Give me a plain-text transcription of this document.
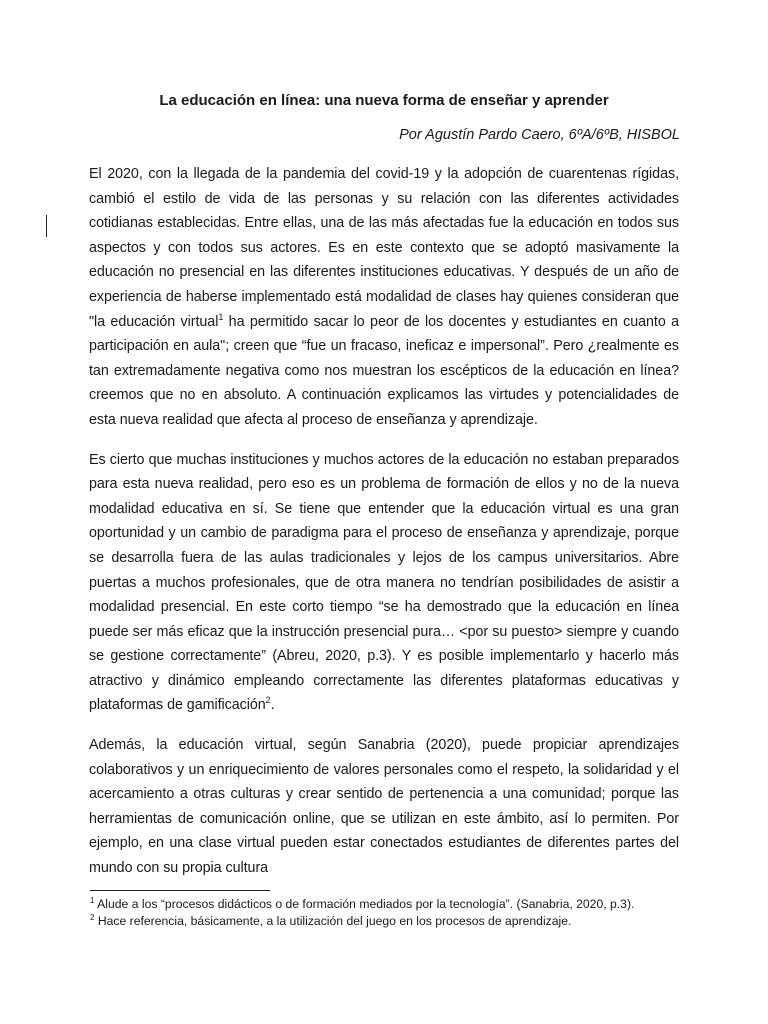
La educación en línea: una nueva forma de enseñar y aprender
Por Agustín Pardo Caero, 6ºA/6ºB, HISBOL

El 2020, con la llegada de la pandemia del covid-19 y la adopción de cuarentenas rígidas, cambió el estilo de vida de las personas y su relación con las diferentes actividades cotidianas establecidas. Entre ellas, una de las más afectadas fue la educación en todos sus aspectos y con todos sus actores. Es en este contexto que se adoptó masivamente la educación no presencial en las diferentes instituciones educativas. Y después de un año de experiencia de haberse implementado está modalidad de clases hay quienes consideran que "la educación virtual$^1$ ha permitido sacar lo peor de los docentes y estudiantes en cuanto a participación en aula"; creen que “fue un fracaso, ineficaz e impersonal”. Pero ¿realmente es tan extremadamente negativa como nos muestran los escépticos de la educación en línea? creemos que no en absoluto. A continuación explicamos las virtudes y potencialidades de esta nueva realidad que afecta al proceso de enseñanza y aprendizaje.

Es cierto que muchas instituciones y muchos actores de la educación no estaban preparados para esta nueva realidad, pero eso es un problema de formación de ellos y no de la nueva modalidad educativa en sí. Se tiene que entender que la educación virtual es una gran oportunidad y un cambio de paradigma para el proceso de enseñanza y aprendizaje, porque se desarrolla fuera de las aulas tradicionales y lejos de los campus universitarios. Abre puertas a muchos profesionales, que de otra manera no tendrían posibilidades de asistir a modalidad presencial. En este corto tiempo “se ha demostrado que la educación en línea puede ser más eficaz que la instrucción presencial pura… <por su puesto> siempre y cuando se gestione correctamente” (Abreu, 2020, p.3). Y es posible implementarlo y hacerlo más atractivo y dinámico empleando correctamente las diferentes plataformas educativas y plataformas de gamificación$^2$.

Además, la educación virtual, según Sanabria (2020), puede propiciar aprendizajes colaborativos y un enriquecimiento de valores personales como el respeto, la solidaridad y el acercamiento a otras culturas y crear sentido de pertenencia a una comunidad; porque las herramientas de comunicación online, que se utilizan en este ámbito, así lo permiten. Por ejemplo, en una clase virtual pueden estar conectados estudiantes de diferentes partes del mundo con su propia cultura

$^1$ Alude a los “procesos didácticos o de formación mediados por la tecnología”. (Sanabria, 2020, p.3).
$^2$ Hace referencia, básicamente, a la utilización del juego en los procesos de aprendizaje.
